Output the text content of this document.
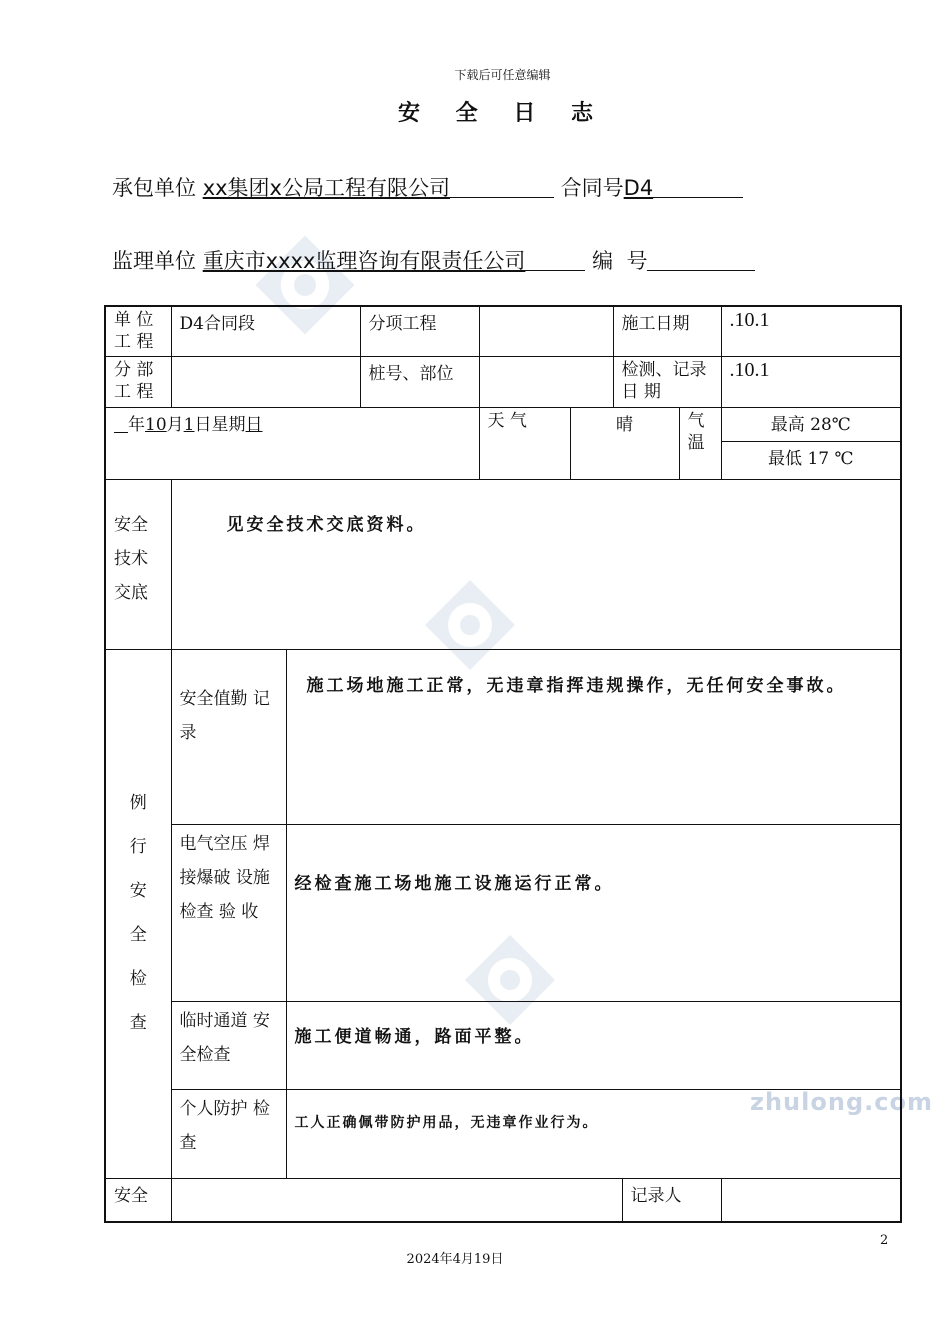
zhulong.com
下载后可任意编辑
安 全 日 志
承包单位 xx集团x公局工程有限公司	合同号D4
监理单位 重庆市xxxx监理咨询有限责任公司	编  号
单 位 工 程	D4合同段		分项工程			施工日期			.10.1
分 部 工 程			桩号、部位			检测、记录 日 期			.10.1
年10月1日星期日				天 气	晴			气 温	最高 28℃
									最低 17 ℃
安全 技术 交底	见安全技术交底资料。								

例 行 安 全 检 查	安全值勤 记 录	施工场地施工正常，无违章指挥违规操作，无任何安全事故。							
	电气空压 焊接爆破 设施检查 验 收	经检查施工场地施工设施运行正常。							
	临时通道 安全检查	施工便道畅通，路面平整。							
	个人防护 检 查	工人正确佩带防护用品，无违章作业行为。							
安全							记录人		
2
2024年4月19日
